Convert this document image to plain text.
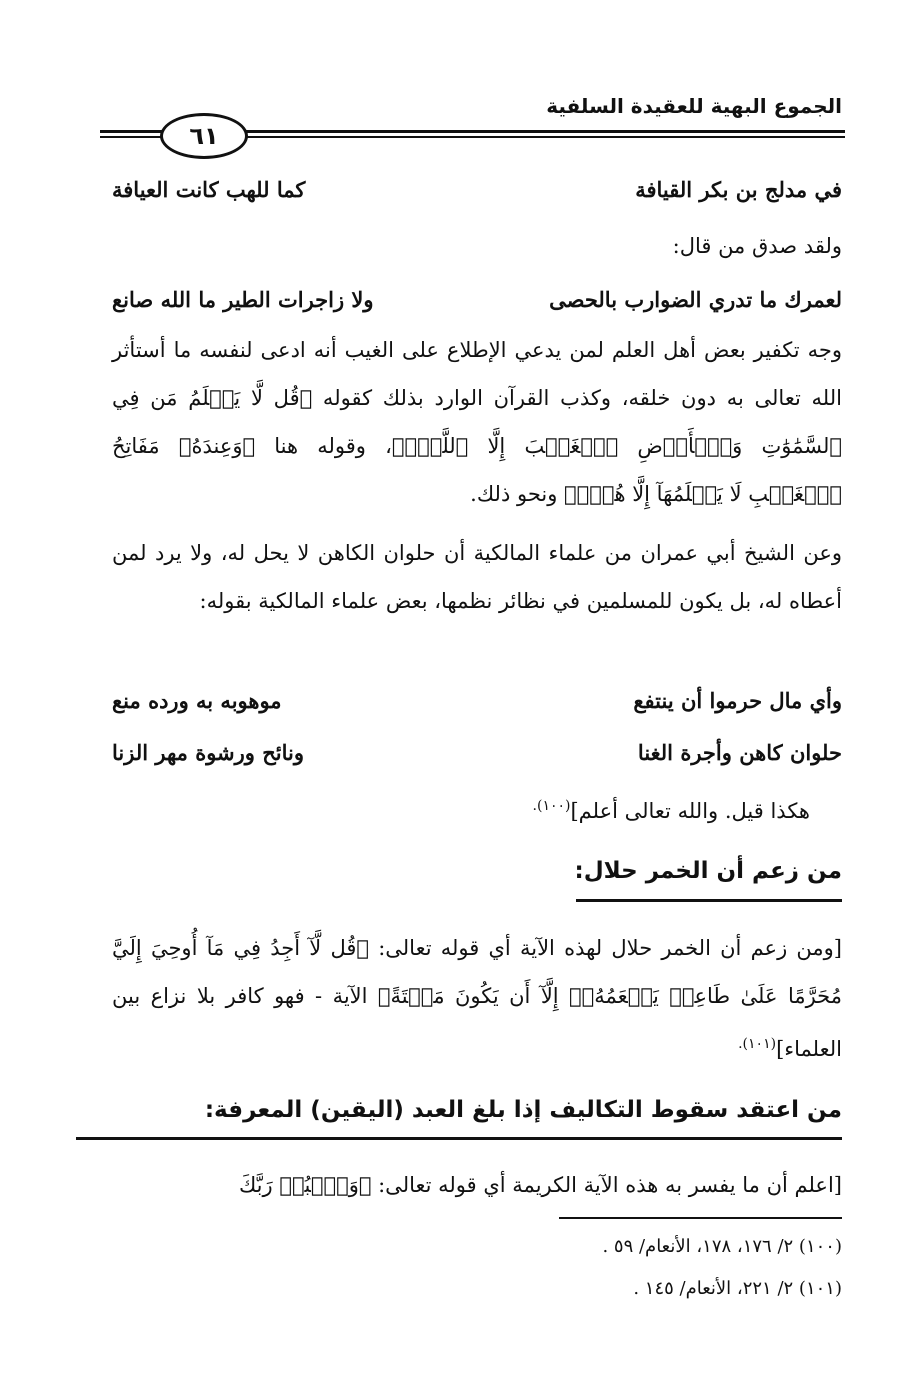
الجموع البهية للعقيدة السلفية
٦١
في مدلج بن بكر القيافة
كما للهب كانت العيافة
ولقد صدق من قال:
لعمرك ما تدري الضوارب بالحصى
ولا زاجرات الطير ما الله صانع
وجه تكفير بعض أهل العلم لمن يدعي الإطلاع على الغيب أنه ادعى لنفسه ما أستأثر الله تعالى به دون خلقه، وكذب القرآن الوارد بذلك كقوله ﴿قُل لَّا يَعۡلَمُ مَن فِي ٱلسَّمَٰوَٰتِ وَٱلۡأَرۡضِ ٱلۡغَيۡبَ إِلَّا ٱللَّهُۚ﴾، وقوله هنا ﴿وَعِندَهُۥ مَفَاتِحُ ٱلۡغَيۡبِ لَا يَعۡلَمُهَآ إِلَّا هُوَۚ﴾ ونحو ذلك.
وعن الشيخ أبي عمران من علماء المالكية أن حلوان الكاهن لا يحل له، ولا يرد لمن أعطاه له، بل يكون للمسلمين في نظائر نظمها، بعض علماء المالكية بقوله:
وأي مال حرموا أن ينتفع
موهوبه به ورده منع
حلوان كاهن وأجرة الغنا
ونائح ورشوة مهر الزنا
هكذا قيل. والله تعالى أعلم]$^{(١٠٠).}$
من زعم أن الخمر حلال:
[ومن زعم أن الخمر حلال لهذه الآية أي قوله تعالى: ﴿قُل لَّآ أَجِدُ فِي مَآ أُوحِيَ إِلَيَّ مُحَرَّمًا عَلَىٰ طَاعِمٖ يَطۡعَمُهُۥٓ إِلَّآ أَن يَكُونَ مَيۡتَةً﴾ الآية - فهو كافر بلا نزاع بين العلماء]$^{(١٠١).}$
من اعتقد سقوط التكاليف إذا بلغ العبد (اليقين) المعرفة:
[اعلم أن ما يفسر به هذه الآية الكريمة أي قوله تعالى: ﴿وَٱعۡبُدۡ رَبَّكَ
(١٠٠) ٢/ ١٧٦، ١٧٨، الأنعام/ ٥٩ .
(١٠١) ٢/ ٢٢١، الأنعام/ ١٤٥ .
